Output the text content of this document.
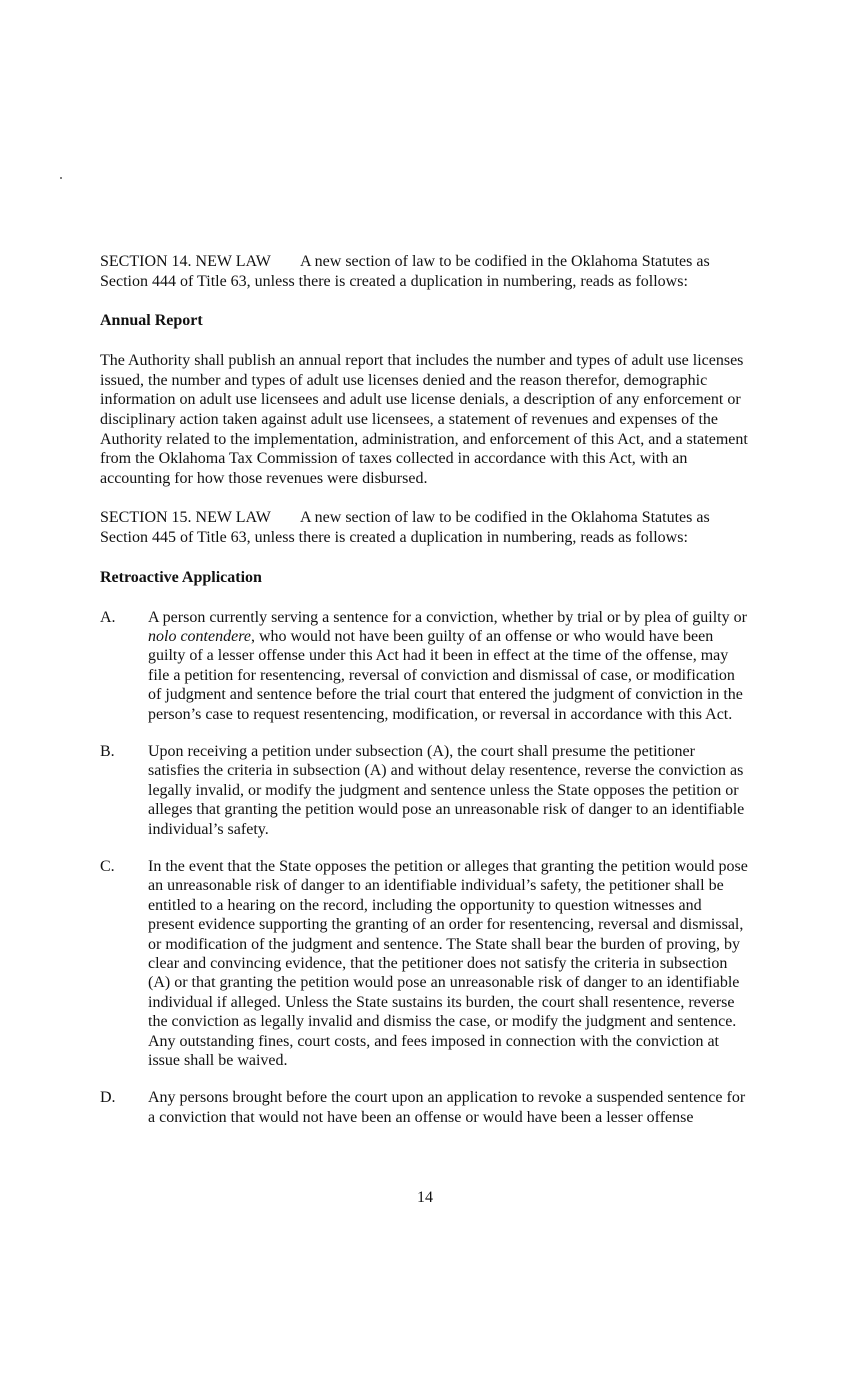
SECTION 14. NEW LAW A new section of law to be codified in the Oklahoma Statutes as
Section 444 of Title 63, unless there is created a duplication in numbering, reads as follows:

Annual Report

The Authority shall publish an annual report that includes the number and types of adult use licenses issued, the number and types of adult use licenses denied and the reason therefor, demographic information on adult use licensees and adult use license denials, a description of any enforcement or disciplinary action taken against adult use licensees, a statement of revenues and expenses of the Authority related to the implementation, administration, and enforcement of this Act, and a statement from the Oklahoma Tax Commission of taxes collected in accordance with this Act, with an accounting for how those revenues were disbursed.

SECTION 15. NEW LAW A new section of law to be codified in the Oklahoma Statutes as
Section 445 of Title 63, unless there is created a duplication in numbering, reads as follows:

Retroactive Application

A.	A person currently serving a sentence for a conviction, whether by trial or by plea of guilty or nolo contendere, who would not have been guilty of an offense or who would have been guilty of a lesser offense under this Act had it been in effect at the time of the offense, may file a petition for resentencing, reversal of conviction and dismissal of case, or modification of judgment and sentence before the trial court that entered the judgment of conviction in the person’s case to request resentencing, modification, or reversal in accordance with this Act.

B.	Upon receiving a petition under subsection (A), the court shall presume the petitioner satisfies the criteria in subsection (A) and without delay resentence, reverse the conviction as legally invalid, or modify the judgment and sentence unless the State opposes the petition or alleges that granting the petition would pose an unreasonable risk of danger to an identifiable individual’s safety.

C.	In the event that the State opposes the petition or alleges that granting the petition would pose an unreasonable risk of danger to an identifiable individual’s safety, the petitioner shall be entitled to a hearing on the record, including the opportunity to question witnesses and present evidence supporting the granting of an order for resentencing, reversal and dismissal, or modification of the judgment and sentence. The State shall bear the burden of proving, by clear and convincing evidence, that the petitioner does not satisfy the criteria in subsection (A) or that granting the petition would pose an unreasonable risk of danger to an identifiable individual if alleged. Unless the State sustains its burden, the court shall resentence, reverse the conviction as legally invalid and dismiss the case, or modify the judgment and sentence. Any outstanding fines, court costs, and fees imposed in connection with the conviction at issue shall be waived.

D.	Any persons brought before the court upon an application to revoke a suspended sentence for a conviction that would not have been an offense or would have been a lesser offense

14
